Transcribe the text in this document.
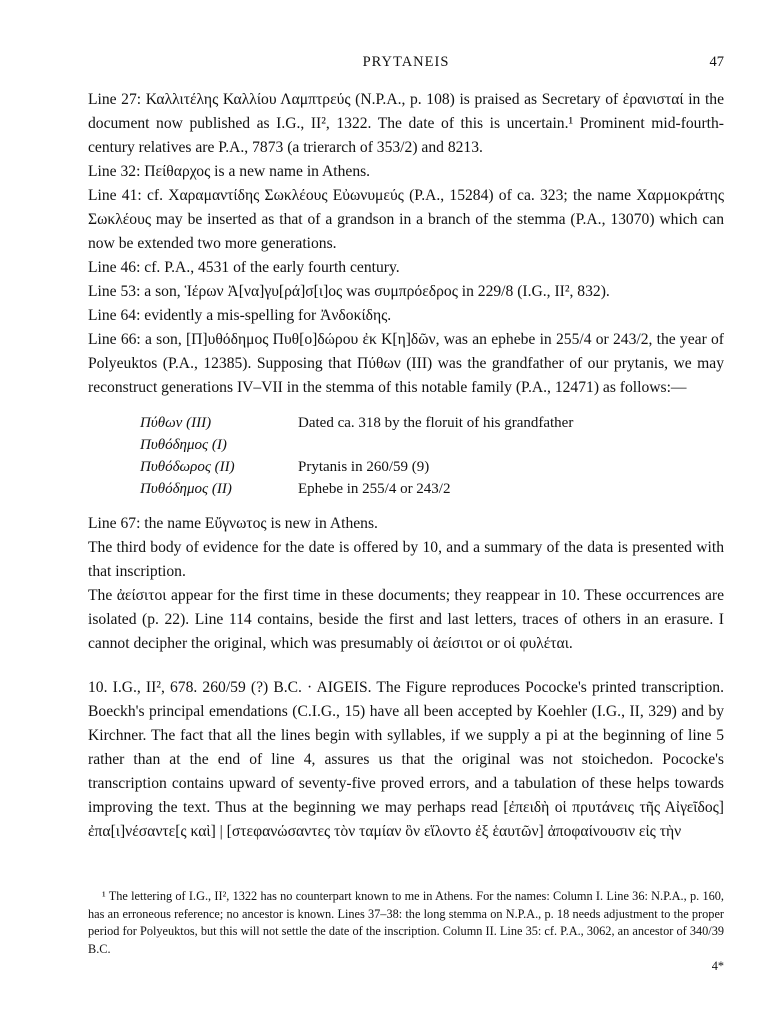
PRYTANEIS	47

Line 27: Καλλιτέλης Καλλίου Λαμπτρεύς (N.P.A., p. 108) is praised as Secretary of ἐρανισταί in the document now published as I.G., II², 1322. The date of this is uncertain.¹ Prominent mid-fourth-century relatives are P.A., 7873 (a trierarch of 353/2) and 8213.

Line 32: Πείθαρχος is a new name in Athens.

Line 41: cf. Χαραμαντίδης Σωκλέους Εὐωνυμεύς (P.A., 15284) of ca. 323; the name Χαρμοκράτης Σωκλέους may be inserted as that of a grandson in a branch of the stemma (P.A., 13070) which can now be extended two more generations.

Line 46: cf. P.A., 4531 of the early fourth century.

Line 53: a son, Ἱέρων Ἀ[να]γυ[ρά]σ[ι]ος was συμπρόεδρος in 229/8 (I.G., II², 832).

Line 64: evidently a mis-spelling for Ἀνδοκίδης.

Line 66: a son, [Π]υθόδημος Πυθ[ο]δώρου ἐκ Κ[η]δῶν, was an ephebe in 255/4 or 243/2, the year of Polyeuktos (P.A., 12385). Supposing that Πύθων (III) was the grandfather of our prytanis, we may reconstruct generations IV–VII in the stemma of this notable family (P.A., 12471) as follows:—

Πύθων (III)	Dated ca. 318 by the floruit of his grandfather
Πυθόδημος (I)
Πυθόδωρος (II)	Prytanis in 260/59 (9)
Πυθόδημος (II)	Ephebe in 255/4 or 243/2

Line 67: the name Εὔγνωτος is new in Athens.

The third body of evidence for the date is offered by 10, and a summary of the data is presented with that inscription.

The ἀείσιτοι appear for the first time in these documents; they reappear in 10. These occurrences are isolated (p. 22). Line 114 contains, beside the first and last letters, traces of others in an erasure. I cannot decipher the original, which was presumably οἱ ἀείσιτοι or οἱ φυλέται.

10. I.G., II², 678. 260/59 (?) B.C. · AIGEIS. The Figure reproduces Pococke's printed transcription. Boeckh's principal emendations (C.I.G., 15) have all been accepted by Koehler (I.G., II, 329) and by Kirchner. The fact that all the lines begin with syllables, if we supply a pi at the beginning of line 5 rather than at the end of line 4, assures us that the original was not stoichedon. Pococke's transcription contains upward of seventy-five proved errors, and a tabulation of these helps towards improving the text. Thus at the beginning we may perhaps read [ἐπειδὴ οἱ πρυτάνεις τῆς Αἰγεῖδος] ἐπα[ι]νέσαντε[ς καὶ] | [στεφανώσαντες τὸν ταμίαν ὃν εἵλοντο ἐξ ἑαυτῶν] ἀποφαίνουσιν εἰς τὴν

¹ The lettering of I.G., II², 1322 has no counterpart known to me in Athens. For the names: Column I. Line 36: N.P.A., p. 160, has an erroneous reference; no ancestor is known. Lines 37–38: the long stemma on N.P.A., p. 18 needs adjustment to the proper period for Polyeuktos, but this will not settle the date of the inscription. Column II. Line 35: cf. P.A., 3062, an ancestor of 340/39 B.C.

4*
